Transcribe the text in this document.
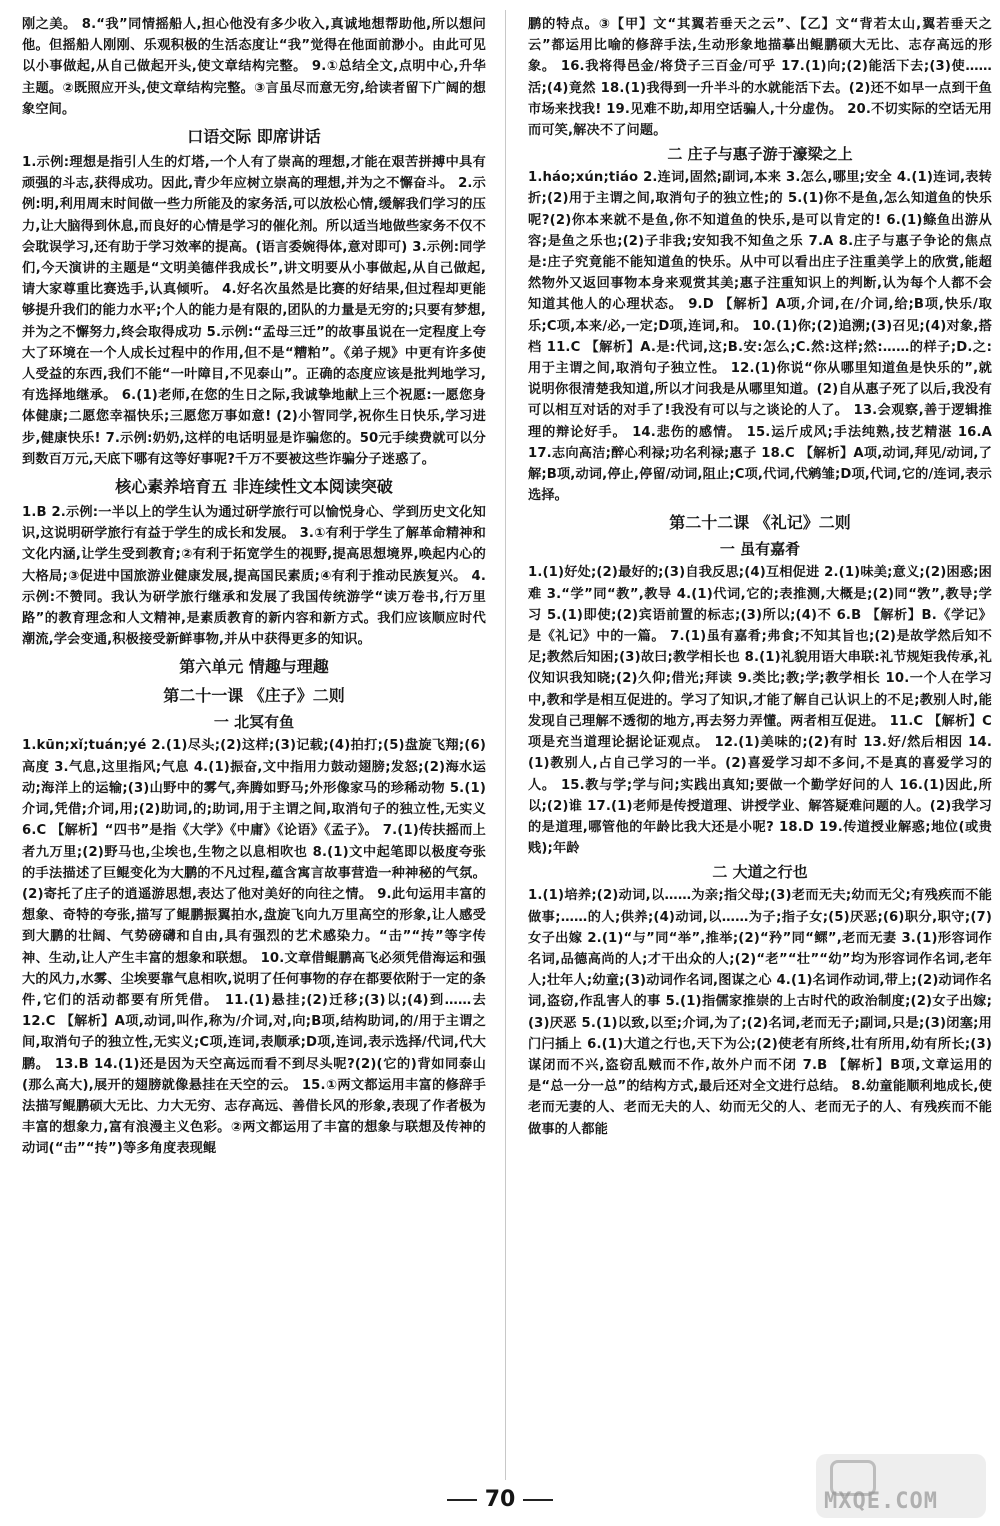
刚之美。 8.“我”同情摇船人,担心他没有多少收入,真诚地想帮助他,所以想问他。但摇船人刚刚、乐观积极的生活态度让“我”觉得在他面前渺小。由此可见以小事做起,从自己做起开头,使文章结构完整。 9.①总结全文,点明中心,升华主题。②既照应开头,使文章结构完整。③言虽尽而意无穷,给读者留下广阔的想象空间。

口语交际 即席讲话

1.示例:理想是指引人生的灯塔,一个人有了崇高的理想,才能在艰苦拼搏中具有顽强的斗志,获得成功。因此,青少年应树立崇高的理想,并为之不懈奋斗。 2.示例:明,利用周末时间做一些力所能及的家务活,可以放松心情,缓解我们学习的压力,让大脑得到休息,而良好的心情是学习的催化剂。所以适当地做些家务不仅不会耽误学习,还有助于学习效率的提高。(语言委婉得体,意对即可) 3.示例:同学们,今天演讲的主题是“文明美德伴我成长”,讲文明要从小事做起,从自己做起,请大家尊重比赛选手,认真倾听。 4.好名次虽然是比赛的好结果,但过程却更能够提升我们的能力水平;个人的能力是有限的,团队的力量是无穷的;只要有梦想,并为之不懈努力,终会取得成功 5.示例:“孟母三迁”的故事虽说在一定程度上夸大了环境在一个人成长过程中的作用,但不是“糟粕”。《弟子规》中更有许多使人受益的东西,我们不能“一叶障目,不见泰山”。正确的态度应该是批判地学习,有选择地继承。 6.(1)老师,在您的生日之际,我诚挚地献上三个祝愿:一愿您身体健康;二愿您幸福快乐;三愿您万事如意! (2)小智同学,祝你生日快乐,学习进步,健康快乐! 7.示例:奶奶,这样的电话明显是诈骗您的。50元手续费就可以分到数百万元,天底下哪有这等好事呢?千万不要被这些诈骗分子迷惑了。

核心素养培育五 非连续性文本阅读突破

1.B 2.示例:一半以上的学生认为通过研学旅行可以愉悦身心、学到历史文化知识,这说明研学旅行有益于学生的成长和发展。 3.①有利于学生了解革命精神和文化内涵,让学生受到教育;②有利于拓宽学生的视野,提高思想境界,唤起内心的大格局;③促进中国旅游业健康发展,提高国民素质;④有利于推动民族复兴。 4.示例:不赞同。我认为研学旅行继承和发展了我国传统游学“读万卷书,行万里路”的教育理念和人文精神,是素质教育的新内容和新方式。我们应该顺应时代潮流,学会变通,积极接受新鲜事物,并从中获得更多的知识。

第六单元 情趣与理趣
第二十一课 《庄子》二则
一 北冥有鱼

1.kūn;xǐ;tuán;yé 2.(1)尽头;(2)这样;(3)记载;(4)拍打;(5)盘旋飞翔;(6)高度 3.气息,这里指风;气息 4.(1)振奋,文中指用力鼓动翅膀;发怒;(2)海水运动;海洋上的运输;(3)山野中的雾气,奔腾如野马;外形像家马的珍稀动物 5.(1)介词,凭借;介词,用;(2)助词,的;助词,用于主谓之间,取消句子的独立性,无实义 6.C 【解析】“四书”是指《大学》《中庸》《论语》《孟子》。 7.(1)传扶摇而上者九万里;(2)野马也,尘埃也,生物之以息相吹也 8.(1)文中起笔即以极度夸张的手法描述了巨鲲变化为大鹏的不凡过程,蕴含寓言故事营造一种神秘的气氛。(2)寄托了庄子的逍遥游思想,表达了他对美好的向往之情。 9.此句运用丰富的想象、奇特的夸张,描写了鲲鹏振翼拍水,盘旋飞向九万里高空的形象,让人感受到大鹏的壮阔、气势磅礴和自由,具有强烈的艺术感染力。“击”“抟”等字传神、生动,让人产生丰富的想象和联想。 10.文章借鲲鹏高飞必须凭借海运和强大的风力,水雾、尘埃要靠气息相吹,说明了任何事物的存在都要依附于一定的条件,它们的活动都要有所凭借。 11.(1)悬挂;(2)迁移;(3)以;(4)到……去 12.C 【解析】A项,动词,叫作,称为/介词,对,向;B项,结构助词,的/用于主谓之间,取消句子的独立性,无实义;C项,连词,表顺承;D项,连词,表示选择/代词,代大鹏。 13.B 14.(1)还是因为天空高远而看不到尽头呢?(2)(它的)背如同泰山(那么高大),展开的翅膀就像悬挂在天空的云。 15.①两文都运用丰富的修辞手法描写鲲鹏硕大无比、力大无穷、志存高远、善借长风的形象,表现了作者极为丰富的想象力,富有浪漫主义色彩。②两文都运用了丰富的想象与联想及传神的动词(“击”“抟”)等多角度表现鲲

鹏的特点。③【甲】文“其翼若垂天之云”、【乙】文“背若太山,翼若垂天之云”都运用比喻的修辞手法,生动形象地描摹出鲲鹏硕大无比、志存高远的形象。 16.我将得邑金/将贷子三百金/可乎 17.(1)向;(2)能活下去;(3)使……活;(4)竟然 18.(1)我得到一升半斗的水就能活下去。(2)还不如早一点到干鱼市场来找我! 19.见难不助,却用空话骗人,十分虚伪。 20.不切实际的空话无用而可笑,解决不了问题。

二 庄子与惠子游于濠梁之上

1.háo;xún;tiáo 2.连词,固然;副词,本来 3.怎么,哪里;安全 4.(1)连词,表转折;(2)用于主谓之间,取消句子的独立性;的 5.(1)你不是鱼,怎么知道鱼的快乐呢?(2)你本来就不是鱼,你不知道鱼的快乐,是可以肯定的! 6.(1)鲦鱼出游从容;是鱼之乐也;(2)子非我;安知我不知鱼之乐 7.A 8.庄子与惠子争论的焦点是:庄子究竟能不能知道鱼的快乐。从中可以看出庄子注重美学上的欣赏,能超然物外又返回事物本身来观赏其美;惠子注重知识上的判断,认为每个人都不会知道其他人的心理状态。 9.D 【解析】A项,介词,在/介词,给;B项,快乐/取乐;C项,本来/必,一定;D项,连词,和。 10.(1)你;(2)追溯;(3)召见;(4)对象,搭档 11.C 【解析】A.是:代词,这;B.安:怎么;C.然:这样;然:……的样子;D.之:用于主谓之间,取消句子独立性。 12.(1)你说“你从哪里知道鱼是快乐的”,就说明你很清楚我知道,所以才问我是从哪里知道。(2)自从惠子死了以后,我没有可以相互对话的对手了!我没有可以与之谈论的人了。 13.会观察,善于逻辑推理的辩论好手。 14.悲伤的感情。 15.运斤成风;手法纯熟,技艺精湛 16.A 17.志向高洁;醉心利禄;功名利禄;惠子 18.C 【解析】A项,动词,拜见/动词,了解;B项,动词,停止,停留/动词,阻止;C项,代词,代鹓雏;D项,代词,它的/连词,表示选择。

第二十二课 《礼记》二则
一 虽有嘉肴

1.(1)好处;(2)最好的;(3)自我反思;(4)互相促进 2.(1)味美;意义;(2)困惑;困难 3.“学”同“教”,教导 4.(1)代词,它的;表推测,大概是;(2)同“敩”,教导;学习 5.(1)即使;(2)宾语前置的标志;(3)所以;(4)不 6.B 【解析】B.《学记》是《礼记》中的一篇。 7.(1)虽有嘉肴;弗食;不知其旨也;(2)是故学然后知不足;教然后知困;(3)故曰;教学相长也 8.(1)礼貌用语大串联:礼节规矩我传承,礼仪知识我知晓;(2)久仰;借光;拜读 9.类比;教;学;教学相长 10.一个人在学习中,教和学是相互促进的。学习了知识,才能了解自己认识上的不足;教别人时,能发现自己理解不透彻的地方,再去努力弄懂。两者相互促进。 11.C 【解析】C项是充当道理论据论证观点。 12.(1)美味的;(2)有时 13.好/然后相因 14.(1)教别人,占自己学习的一半。(2)喜爱学习却不多问,不是真的喜爱学习的人。 15.教与学;学与问;实践出真知;要做一个勤学好问的人 16.(1)因此,所以;(2)谁 17.(1)老师是传授道理、讲授学业、解答疑难问题的人。(2)我学习的是道理,哪管他的年龄比我大还是小呢? 18.D 19.传道授业解惑;地位(或贵贱);年龄

二 大道之行也

1.(1)培养;(2)动词,以……为亲;指父母;(3)老而无夫;幼而无父;有残疾而不能做事;……的人;供养;(4)动词,以……为子;指子女;(5)厌恶;(6)职分,职守;(7)女子出嫁 2.(1)“与”同“举”,推举;(2)“矜”同“鳏”,老而无妻 3.(1)形容词作名词,品德高尚的人;才干出众的人;(2)“老”“壮”“幼”均为形容词作名词,老年人;壮年人;幼童;(3)动词作名词,图谋之心 4.(1)名词作动词,带上;(2)动词作名词,盗窃,作乱害人的事 5.(1)指儒家推崇的上古时代的政治制度;(2)女子出嫁;(3)厌恶 5.(1)以致,以至;介词,为了;(2)名词,老而无子;副词,只是;(3)闭塞;用门闩插上 6.(1)大道之行也,天下为公;(2)使老有所终,壮有所用,幼有所长;(3)谋闭而不兴,盗窃乱贼而不作,故外户而不闭 7.B 【解析】B项,文章运用的是“总一分一总”的结构方式,最后还对全文进行总结。 8.幼童能顺利地成长,使老而无妻的人、老而无夫的人、幼而无父的人、老而无子的人、有残疾而不能做事的人都能

70	MXQE.COM
